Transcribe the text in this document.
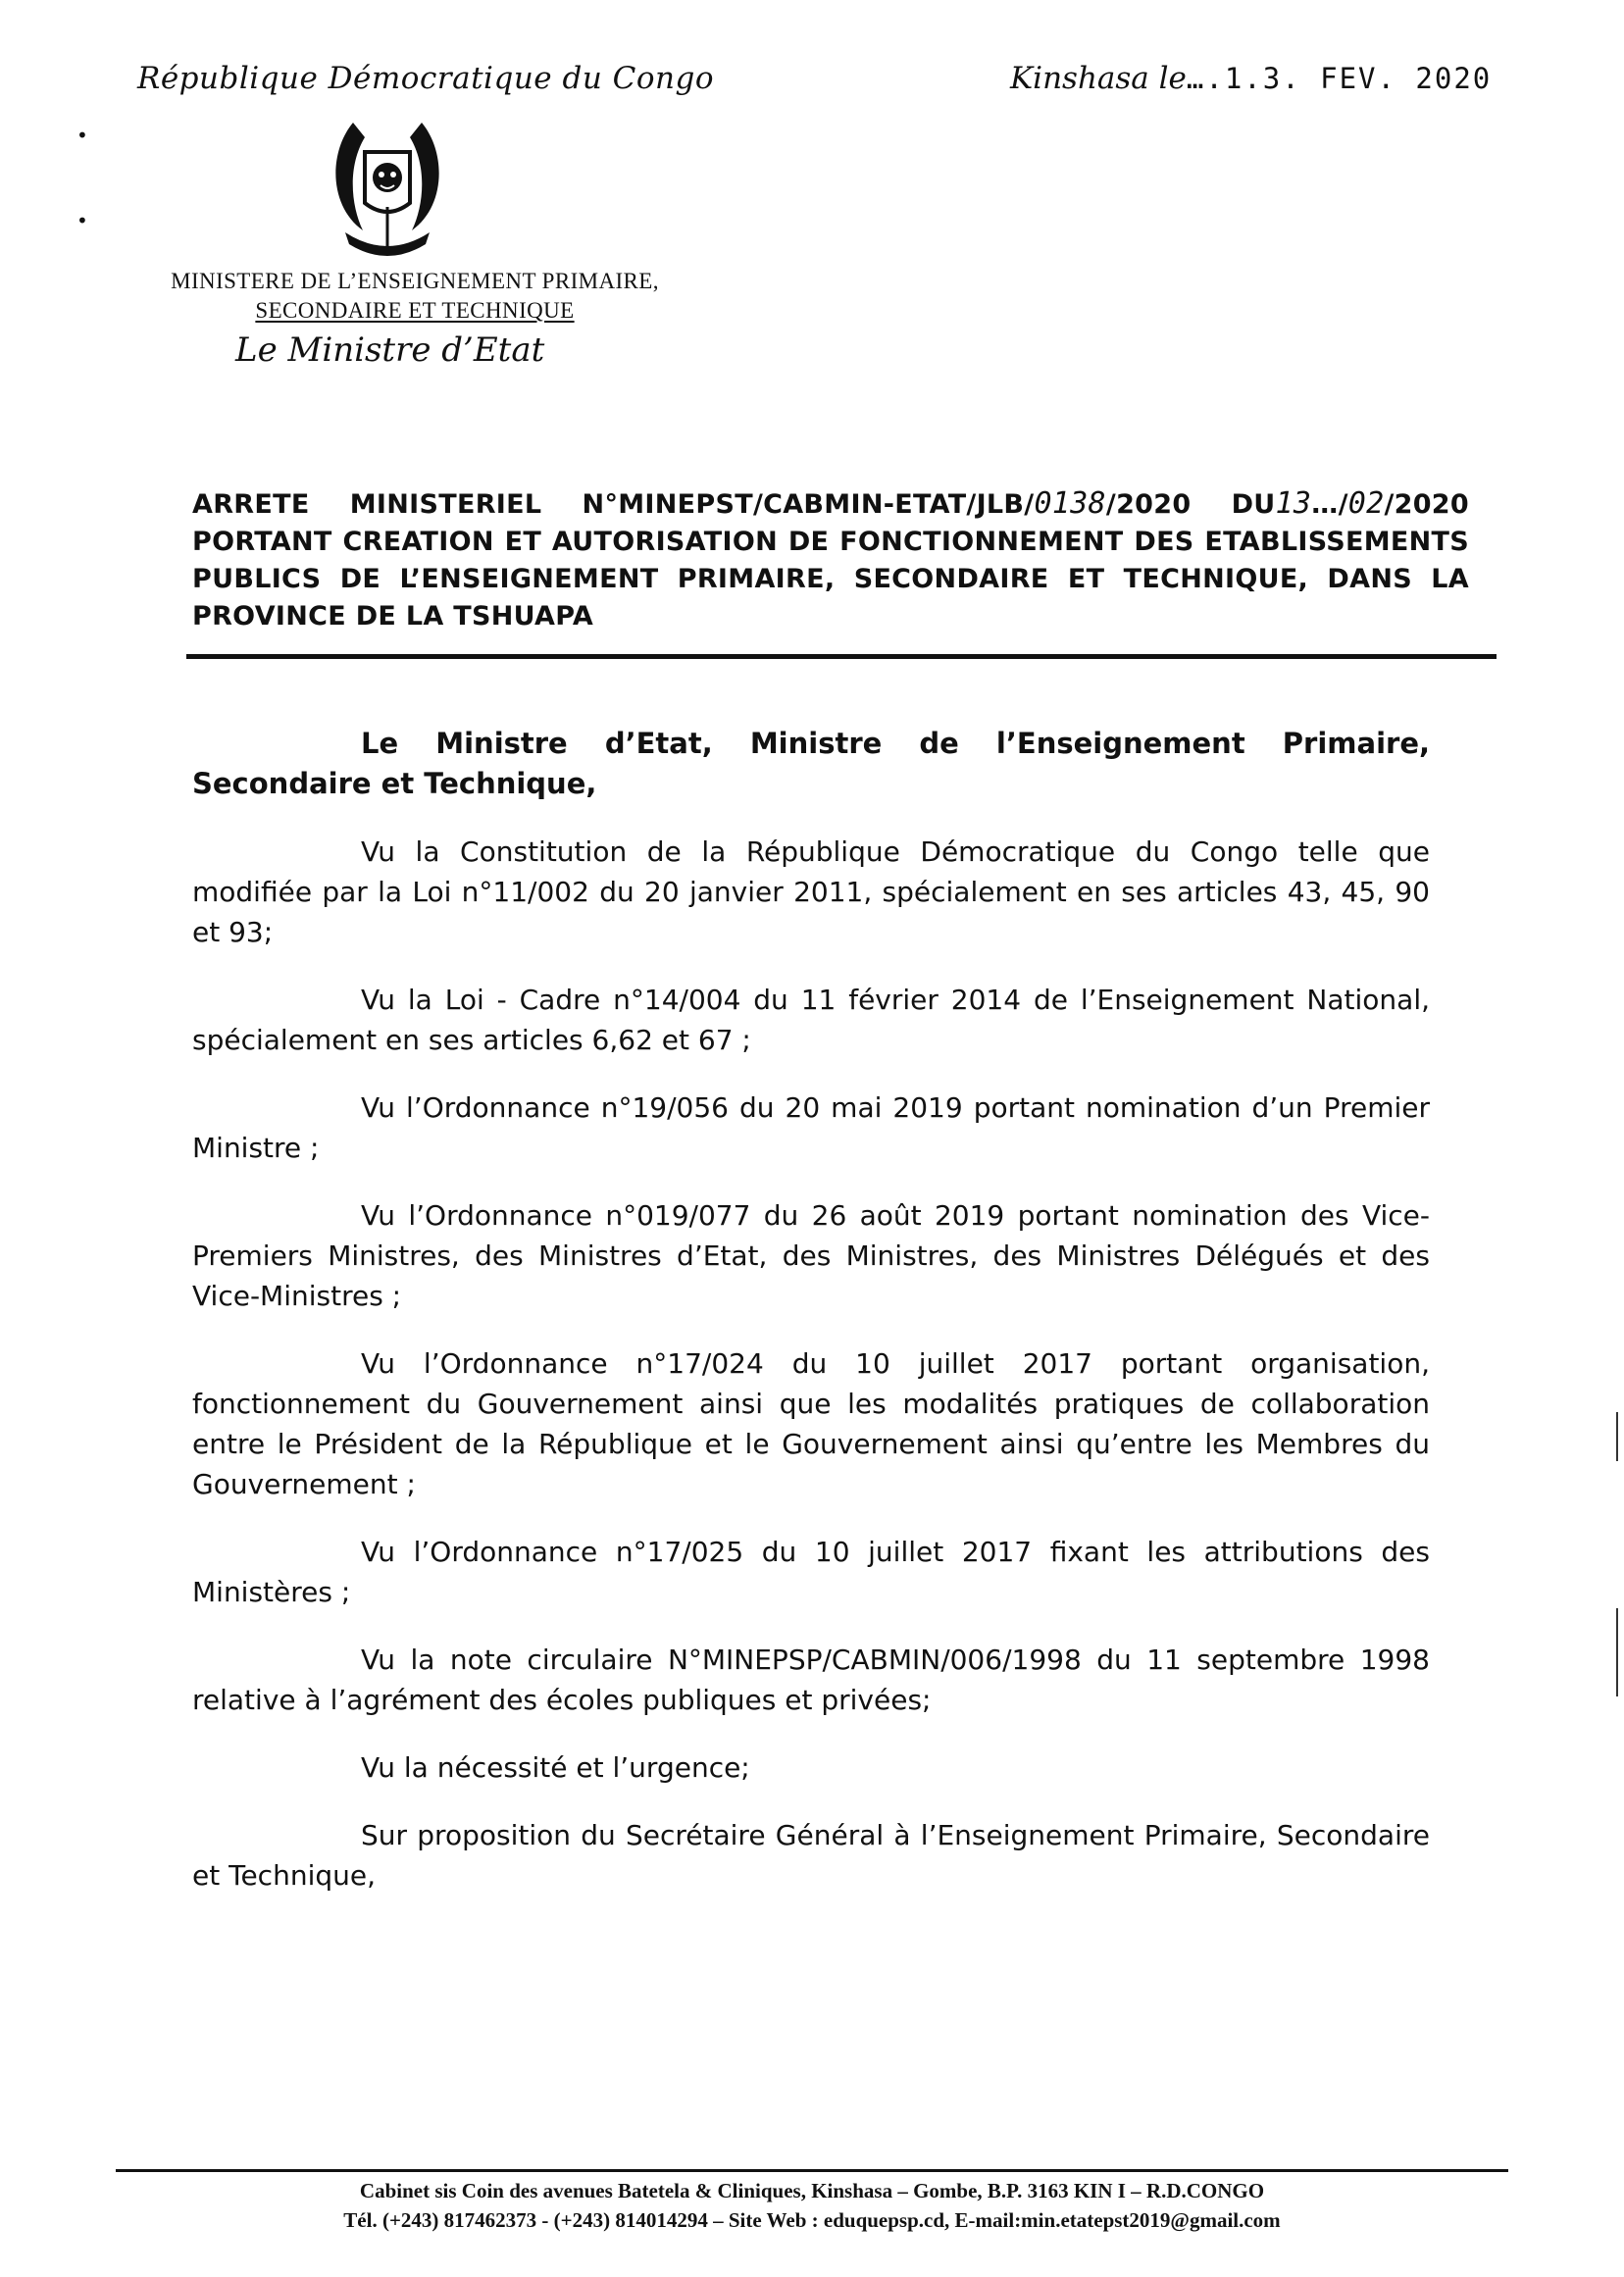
République Démocratique du Congo	Kinshasa le….1.3. FEV. 2020
•
•
MINISTERE DE L’ENSEIGNEMENT PRIMAIRE,
SECONDAIRE ET TECHNIQUE
Le Ministre d’Etat
ARRETE MINISTERIEL N°MINEPST/CABMIN-ETAT/JLB/0138/2020 DU13…/02/2020
PORTANT CREATION ET AUTORISATION DE FONCTIONNEMENT DES ETABLISSEMENTS
PUBLICS DE L’ENSEIGNEMENT PRIMAIRE, SECONDAIRE ET TECHNIQUE, DANS LA
PROVINCE DE LA TSHUAPA

Le Ministre d’Etat, Ministre de l’Enseignement Primaire, Secondaire et Technique,

Vu la Constitution de la République Démocratique du Congo telle que modifiée par la Loi n°11/002 du 20 janvier 2011, spécialement en ses articles 43, 45, 90 et 93;

Vu la Loi - Cadre n°14/004 du 11 février 2014 de l’Enseignement National, spécialement en ses articles 6,62 et 67 ;

Vu l’Ordonnance n°19/056 du 20 mai 2019 portant nomination d’un Premier Ministre ;

Vu l’Ordonnance n°019/077 du 26 août 2019 portant nomination des Vice-Premiers Ministres, des Ministres d’Etat, des Ministres, des Ministres Délégués et des Vice-Ministres ;

Vu l’Ordonnance n°17/024 du 10 juillet 2017 portant organisation, fonctionnement du Gouvernement ainsi que les modalités pratiques de collaboration entre le Président de la République et le Gouvernement ainsi qu’entre les Membres du Gouvernement ;

Vu l’Ordonnance n°17/025 du 10 juillet 2017 fixant les attributions des Ministères ;

Vu la note circulaire N°MINEPSP/CABMIN/006/1998 du 11 septembre 1998 relative à l’agrément des écoles publiques et privées;

Vu la nécessité et l’urgence;

Sur proposition du Secrétaire Général à l’Enseignement Primaire, Secondaire et Technique,

Cabinet sis Coin des avenues Batetela & Cliniques, Kinshasa – Gombe, B.P. 3163 KIN I – R.D.CONGO
Tél. (+243) 817462373 - (+243) 814014294 – Site Web : eduquepsp.cd, E-mail:min.etatepst2019@gmail.com
